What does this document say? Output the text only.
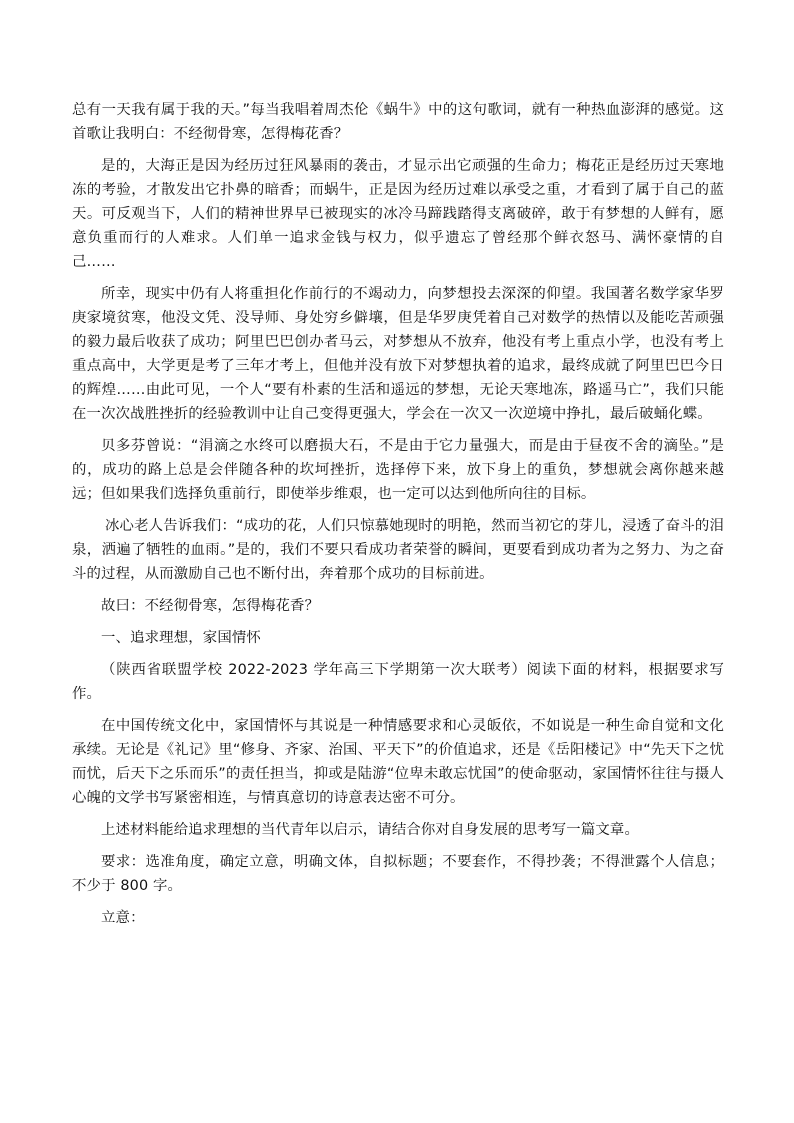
总有一天我有属于我的天。”每当我唱着周杰伦《蜗牛》中的这句歌词，就有一种热血澎湃的感觉。这首歌让我明白：不经彻骨寒，怎得梅花香？

是的，大海正是因为经历过狂风暴雨的袭击，才显示出它顽强的生命力；梅花正是经历过天寒地冻的考验，才散发出它扑鼻的暗香；而蜗牛，正是因为经历过难以承受之重，才看到了属于自己的蓝天。可反观当下，人们的精神世界早已被现实的冰冷马蹄践踏得支离破碎，敢于有梦想的人鲜有，愿意负重而行的人难求。人们单一追求金钱与权力，似乎遗忘了曾经那个鲜衣怒马、满怀豪情的自己……

所幸，现实中仍有人将重担化作前行的不竭动力，向梦想投去深深的仰望。我国著名数学家华罗庚家境贫寒，他没文凭、没导师、身处穷乡僻壤，但是华罗庚凭着自己对数学的热情以及能吃苦顽强的毅力最后收获了成功；阿里巴巴创办者马云，对梦想从不放弃，他没有考上重点小学，也没有考上重点高中，大学更是考了三年才考上，但他并没有放下对梦想执着的追求，最终成就了阿里巴巴今日的辉煌……由此可见，一个人“要有朴素的生活和遥远的梦想，无论天寒地冻，路遥马亡”，我们只能在一次次战胜挫折的经验教训中让自己变得更强大，学会在一次又一次逆境中挣扎，最后破蛹化蝶。

贝多芬曾说：“涓滴之水终可以磨损大石，不是由于它力量强大，而是由于昼夜不舍的滴坠。”是的，成功的路上总是会伴随各种的坎坷挫折，选择停下来，放下身上的重负，梦想就会离你越来越远；但如果我们选择负重前行，即使举步维艰，也一定可以达到他所向往的目标。

冰心老人告诉我们：“成功的花，人们只惊慕她现时的明艳，然而当初它的芽儿，浸透了奋斗的泪泉，洒遍了牺牲的血雨。”是的，我们不要只看成功者荣誉的瞬间，更要看到成功者为之努力、为之奋斗的过程，从而激励自己也不断付出，奔着那个成功的目标前进。

故曰：不经彻骨寒，怎得梅花香？

一、追求理想，家国情怀

（陕西省联盟学校 2022-2023 学年高三下学期第一次大联考）阅读下面的材料，根据要求写作。

在中国传统文化中，家国情怀与其说是一种情感要求和心灵皈依，不如说是一种生命自觉和文化承续。无论是《礼记》里“修身、齐家、治国、平天下”的价值追求，还是《岳阳楼记》中“先天下之忧而忧，后天下之乐而乐”的责任担当，抑或是陆游“位卑未敢忘忧国”的使命驱动，家国情怀往往与摄人心魄的文学书写紧密相连，与情真意切的诗意表达密不可分。

上述材料能给追求理想的当代青年以启示，请结合你对自身发展的思考写一篇文章。

要求：选准角度，确定立意，明确文体，自拟标题；不要套作，不得抄袭；不得泄露个人信息；不少于 800 字。

立意：
